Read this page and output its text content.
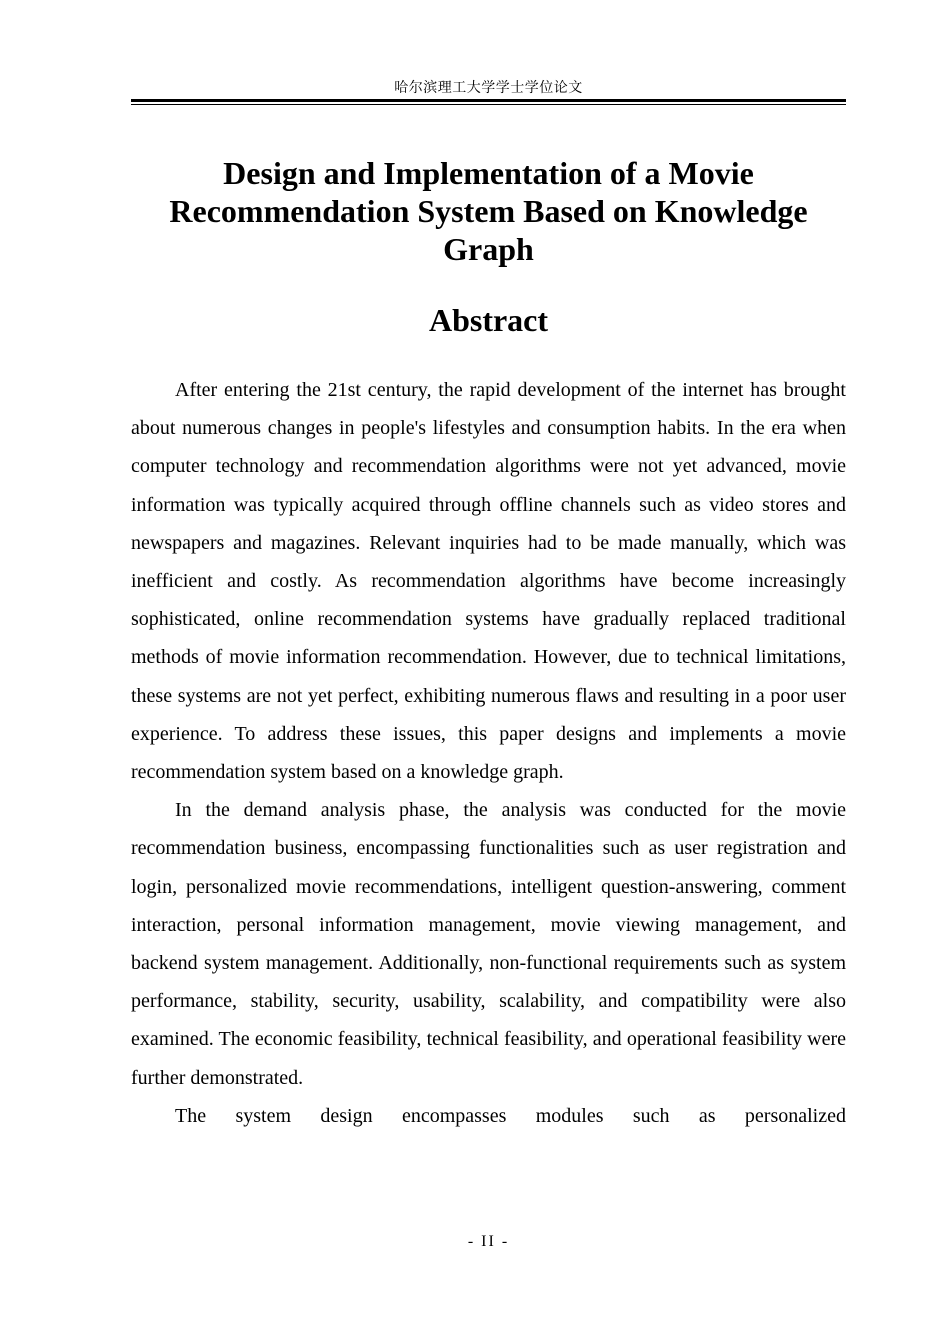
哈尔滨理工大学学士学位论文
Design and Implementation of a Movie
Recommendation System Based on Knowledge
Graph
Abstract

After entering the 21st century, the rapid development of the internet has brought about numerous changes in people's lifestyles and consumption habits. In the era when computer technology and recommendation algorithms were not yet advanced, movie information was typically acquired through offline channels such as video stores and newspapers and magazines. Relevant inquiries had to be made manually, which was inefficient and costly. As recommendation algorithms have become increasingly sophisticated, online recommendation systems have gradually replaced traditional methods of movie information recommendation. However, due to technical limitations, these systems are not yet perfect, exhibiting numerous flaws and resulting in a poor user experience. To address these issues, this paper designs and implements a movie recommendation system based on a knowledge graph.

In the demand analysis phase, the analysis was conducted for the movie recommendation business, encompassing functionalities such as user registration and login, personalized movie recommendations, intelligent question-answering, comment interaction, personal information management, movie viewing management, and backend system management. Additionally, non-functional requirements such as system performance, stability, security, usability, scalability, and compatibility were also examined. The economic feasibility, technical feasibility, and operational feasibility were further demonstrated.

The system design encompasses modules such as personalized

- II -
